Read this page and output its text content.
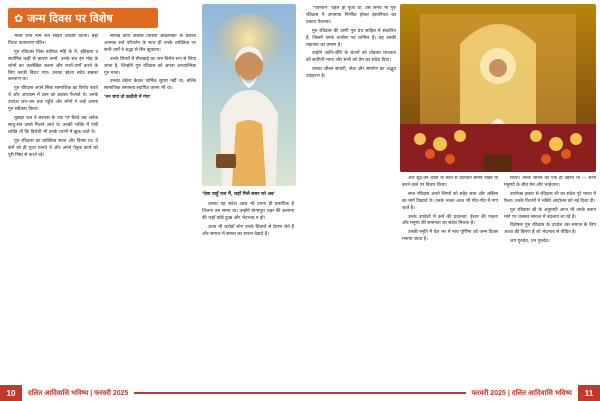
✿ जन्म दिवस पर विशेष

भक्त जनों नाम लेते सहित विशिष्ट घटना। बड़ा विराट वातावरण पवित्र।

गुरु रविदास जिस बालिक महिं के में, इतिहास व संतोषित कहीं से कारण उनमें, उनके संत इन मोह के जोनों का उल्लेखित करना और राजों-वर्णों करने के लिए काफ़ी विराट गया। उनका उद्देश्य सदैव सबका कल्याण था।

गुरु रविदास अपने सिस्ट सामाजिक का विरोध करते थे और अध्यात्म में ज्ञान का प्रकाश फैलाते थे। उनके उपदेश जन-जन तक पहुँचे और लोगों ने उन्हें अपना गुरु स्वीकार किया।

मुखड़ा जब वे बनारस के घाट पर बैठते तब अनेक साधु-संत उनसे मिलने आते थे। उनकी भक्ति में ऐसी शक्ति थी कि विरोधी भी उनके चरणों में झुक जाते थे।

गुरु रविदास का व्यक्तित्व सरल और विनम्र था। वे कर्म को ही पूजा मानते थे और अपने पैतृक कार्य को पूरी निष्ठा से करते रहे।

सफाई कार्य जबकि विशिष्ट आक्रामको के प्रकाश आत्मक सर्व परिवर्तन के साथ ही उनके व्यक्तित्व पर सभी धर्मों ने श्रद्धा से सिर झुकाया।

उनके शिष्यों में मीराबाई का नाम विशेष रूप से लिया जाता है, जिन्होंने गुरु रविदास को अपना आध्यात्मिक गुरु माना।

उनका उद्देश्य केवल धार्मिक सुधार नहीं था, बल्कि सामाजिक समानता स्थापित करना भी था।

'मन चंगा तो कठौती में गंगा'

'ऐसा चाहूँ राज मैं, जहाँ मिलै सबन को अन्न'

उनका यह संदेश आज भी उतना ही प्रासंगिक है जितना उस समय था। उन्होंने बेगमपुरा शहर की कल्पना की जहाँ कोई दुःख और भेदभाव न हो।

आज भी करोड़ों लोग उनके विचारों से प्रेरणा लेते हैं और समाज में समता का सपना देखते हैं।

10	दलित आदिवासि भविष्य | फरवरी 2025

"पानियन" पहले ही पूजा था, उस समय भी गुरु रविदास ने अपनाया निर्भीक होकर इंसानियत का प्रकाश फैलाया।

गुरु रविदास की वाणी गुरु ग्रंथ साहिब में संकलित है, जिसमें उनके चालीस पद शामिल हैं। यह उनकी महानता का प्रमाण है।

उन्होंने जाति-पाँति के बंधनों को तोड़कर मानवता को सर्वोपरि माना और सभी को प्रेम का संदेश दिया।

उनका जीवन सादगी, सेवा और समर्पण का अद्भुत उदाहरण है।

और शूद्र-वन जाति के कार्य से प्रतिदिन बनाये रखते या करने वाले पर विचार किया।

सन्त रविदास अपने शिष्यों को सदैव सत्य और अहिंसा का मार्ग दिखाते थे। उनके भजन आज भी गाँव-गाँव में गाए जाते हैं।

उनके उपदेशों में कर्म की प्रधानता, ईश्वर की एकता और मनुष्य की समानता का संदेश मिलता है।

उनकी स्मृति में देश भर में माघ पूर्णिमा को जन्म दिवस मनाया जाता है।

किया। उनके जीवन का एक ही उद्देश्य था — सभी मनुष्यों के बीच प्रेम और भाईचारा।

उपरोक्त प्रकार से रविदास जी का संदेश पूरे भारत में फैला। उनके विचारों ने भक्ति आंदोलन को नई दिशा दी।

गुरु रविदास जी के अनुयायी आज भी उनके बताए मार्ग पर चलकर समाज में बदलाव ला रहे हैं।

विशेषतः गुरु रविदास के उपदेश उस समाज के लिए आशा की किरण हैं जो भेदभाव से पीड़ित है।

जय गुरुदेव, धन गुरुदेव।

11
फरवरी 2025 | दलित आदिवासि भविष्य
